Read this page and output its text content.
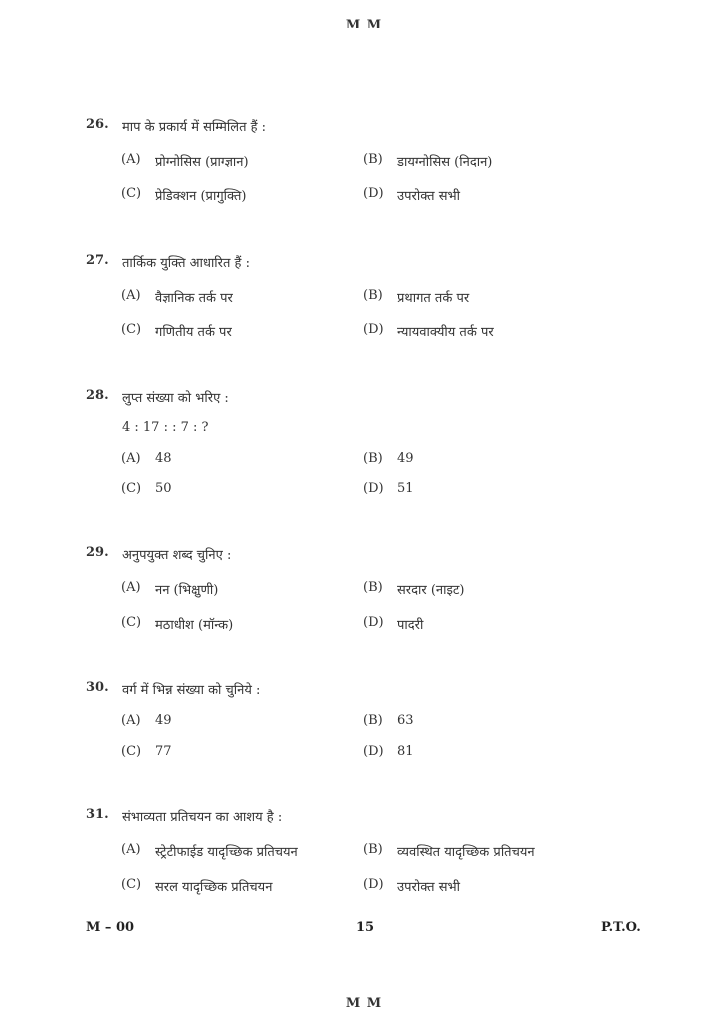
M M
26. माप के प्रकार्य में सम्मिलित हैं :
(A) प्रोग्नोसिस (प्राग्ज्ञान)	(B) डायग्नोसिस (निदान)
(C) प्रेडिक्शन (प्रागुक्ति)	(D) उपरोक्त सभी
27. तार्किक युक्ति आधारित हैं :
(A) वैज्ञानिक तर्क पर	(B) प्रथागत तर्क पर
(C) गणितीय तर्क पर	(D) न्यायवाक्यीय तर्क पर
28. लुप्त संख्या को भरिए :
4 : 17 : : 7 : ?
(A) 48	(B) 49
(C) 50	(D) 51
29. अनुपयुक्त शब्द चुनिए :
(A) नन (भिक्षुणी)	(B) सरदार (नाइट)
(C) मठाधीश (मॉन्क)	(D) पादरी
30. वर्ग में भिन्न संख्या को चुनिये :
(A) 49	(B) 63
(C) 77	(D) 81
31. संभाव्यता प्रतिचयन का आशय है :
(A) स्ट्रेटीफाईड यादृच्छिक प्रतिचयन	(B) व्यवस्थित यादृच्छिक प्रतिचयन
(C) सरल यादृच्छिक प्रतिचयन	(D) उपरोक्त सभी
M – 00	15	P.T.O.
M M
